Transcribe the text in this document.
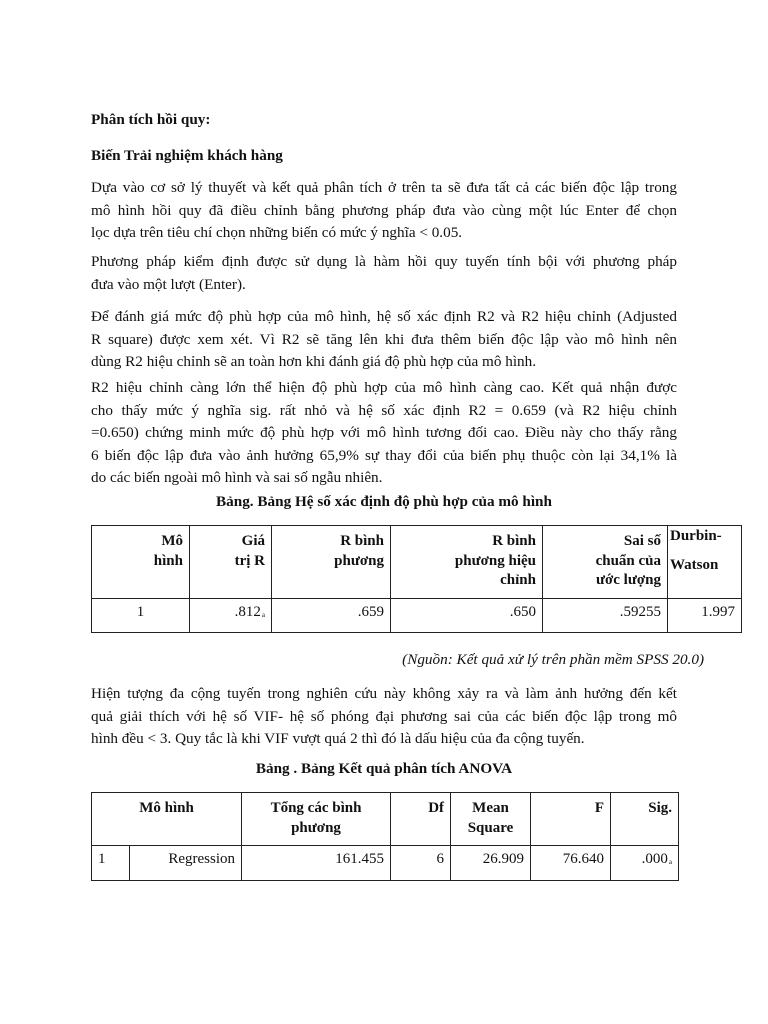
Phân tích hồi quy:

Biến Trải nghiệm khách hàng

Dựa vào cơ sở lý thuyết và kết quả phân tích ở trên ta sẽ đưa tất cả các biến độc lập trong
mô hình hồi quy đã điều chỉnh bằng phương pháp đưa vào cùng một lúc Enter để chọn
lọc dựa trên tiêu chí chọn những biến có mức ý nghĩa < 0.05.

Phương pháp kiểm định được sử dụng là hàm hồi quy tuyến tính bội với phương pháp
đưa vào một lượt (Enter).

Để đánh giá mức độ phù hợp của mô hình, hệ số xác định R2 và R2 hiệu chỉnh (Adjusted
R square) được xem xét. Vì R2 sẽ tăng lên khi đưa thêm biến độc lập vào mô hình nên
dùng R2 hiệu chỉnh sẽ an toàn hơn khi đánh giá độ phù hợp của mô hình.

R2 hiệu chỉnh càng lớn thể hiện độ phù hợp của mô hình càng cao. Kết quả nhận được
cho thấy mức ý nghĩa sig. rất nhỏ và hệ số xác định R2 = 0.659 (và R2 hiệu chỉnh
=0.650) chứng minh mức độ phù hợp với mô hình tương đối cao. Điều này cho thấy rằng
6 biến độc lập đưa vào ảnh hưởng 65,9% sự thay đổi của biến phụ thuộc còn lại 34,1% là
do các biến ngoài mô hình và sai số ngẫu nhiên.

Bảng. Bảng Hệ số xác định độ phù hợp của mô hình

Mô
hình	Giá
trị R	R bình
phương	R bình
phương hiệu
chỉnh	Sai số
chuẩn của
ước lượng	Durbin-
Watson

1	.812$^a$	.659	.650	.59255	1.997

(Nguồn: Kết quả xử lý trên phần mềm SPSS 20.0)

Hiện tượng đa cộng tuyến trong nghiên cứu này không xảy ra và làm ảnh hưởng đến kết
quả giải thích với hệ số VIF- hệ số phóng đại phương sai của các biến độc lập trong mô
hình đều < 3. Quy tắc là khi VIF vượt quá 2 thì đó là dấu hiệu của đa cộng tuyến.

Bảng . Bảng Kết quả phân tích ANOVA

Mô hình		Tổng các bình
phương	Df	Mean
Square	F	Sig.
1	Regression	161.455	6	26.909	76.640	.000$^a$
